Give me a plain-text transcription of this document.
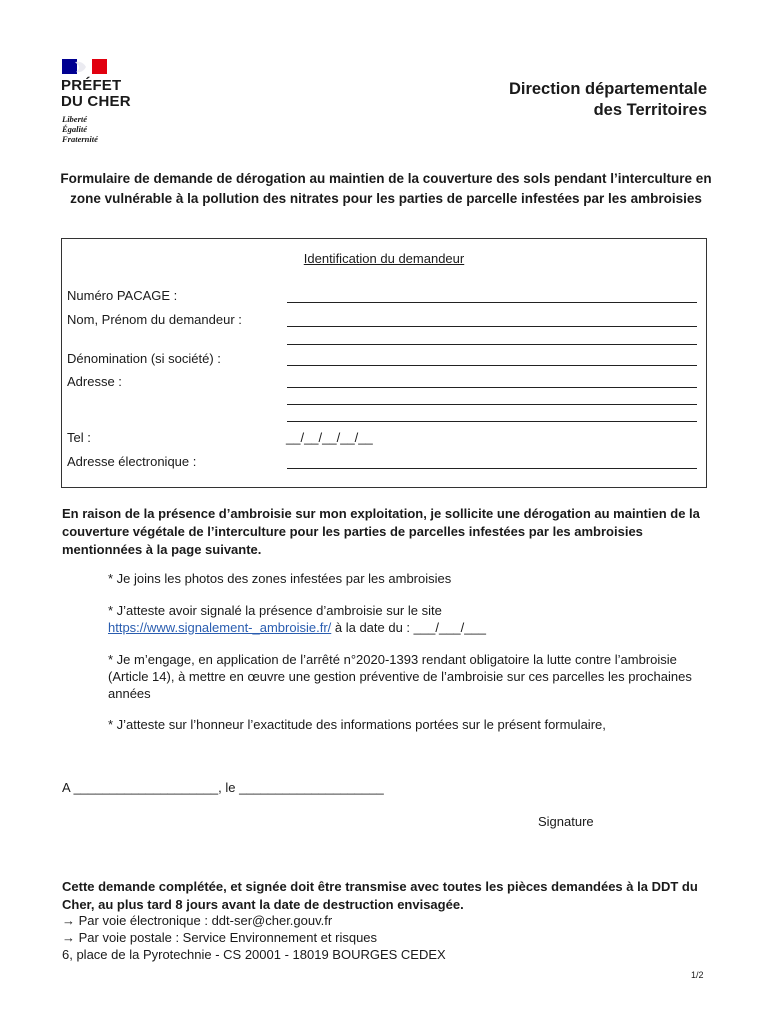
PRÉFET
DU CHER
Liberté
Égalité
Fraternité
Direction départementale
des Territoires
Formulaire de demande de dérogation au maintien de la couverture des sols pendant l’interculture en zone vulnérable à la pollution des nitrates pour les parties de parcelle infestées par les ambroisies
Identification du demandeur
Numéro PACAGE :
Nom, Prénom du demandeur :
Dénomination (si société) :
Adresse :
Tel :	__/__/__/__/__
Adresse électronique :
En raison de la présence d’ambroisie sur mon exploitation, je sollicite une dérogation au maintien de la couverture végétale de l’interculture pour les parties de parcelles infestées par les ambroisies mentionnées à la page suivante.
* Je joins les photos des zones infestées par les ambroisies
* J’atteste avoir signalé la présence d’ambroisie sur le site
https://www.signalement-_ambroisie.fr/ à la date du : ___/___/___
* Je m’engage, en application de l’arrêté n°2020-1393 rendant obligatoire la lutte contre l’ambroisie (Article 14), à mettre en œuvre une gestion préventive de l’ambroisie sur ces parcelles les prochaines années
* J’atteste sur l’honneur l’exactitude des informations portées sur le présent formulaire,
A ____________________, le ____________________
Signature
Cette demande complétée, et signée doit être transmise avec toutes les pièces demandées à la DDT du Cher, au plus tard 8 jours avant la date de destruction envisagée.
→ Par voie électronique : ddt-ser@cher.gouv.fr
→ Par voie postale : Service Environnement et risques
6, place de la Pyrotechnie - CS 20001 - 18019 BOURGES CEDEX
1/2
